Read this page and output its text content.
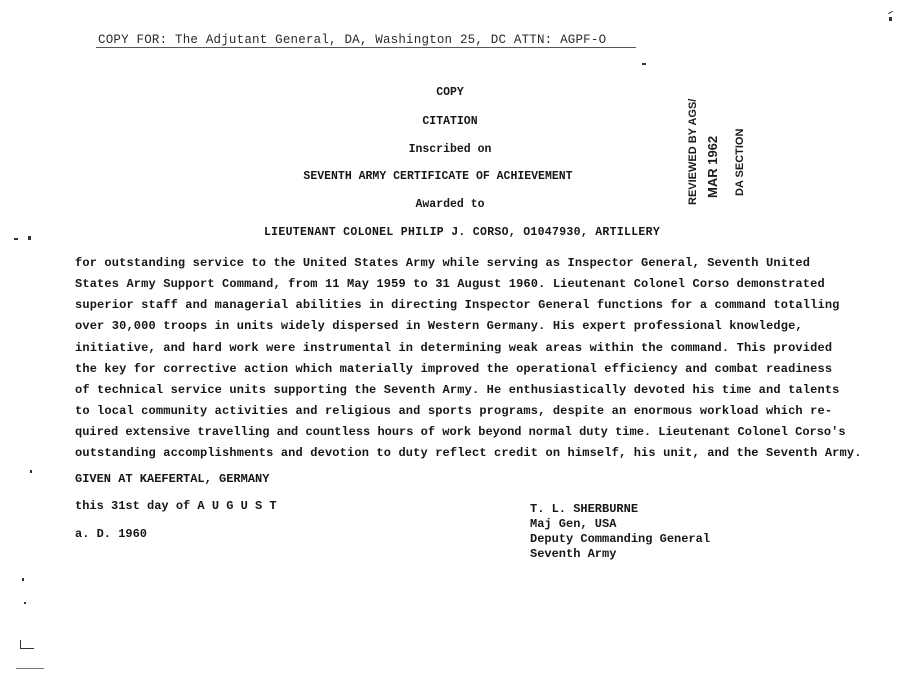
COPY FOR: The Adjutant General, DA, Washington 25, DC ATTN: AGPF-O
COPY
CITATION
Inscribed on
SEVENTH ARMY CERTIFICATE OF ACHIEVEMENT
Awarded to
LIEUTENANT COLONEL PHILIP J. CORSO, O1047930, ARTILLERY
REVIEWED BY AGS/ MAR 1962 DA SECTION
for outstanding service to the United States Army while serving as Inspector General, Seventh United
States Army Support Command, from 11 May 1959 to 31 August 1960. Lieutenant Colonel Corso demonstrated
superior staff and managerial abilities in directing Inspector General functions for a command totalling
over 30,000 troops in units widely dispersed in Western Germany. His expert professional knowledge,
initiative, and hard work were instrumental in determining weak areas within the command. This provided
the key for corrective action which materially improved the operational efficiency and combat readiness
of technical service units supporting the Seventh Army. He enthusiastically devoted his time and talents
to local community activities and religious and sports programs, despite an enormous workload which re-
quired extensive travelling and countless hours of work beyond normal duty time. Lieutenant Colonel Corso's
outstanding accomplishments and devotion to duty reflect credit on himself, his unit, and the Seventh Army.
GIVEN AT KAEFERTAL, GERMANY
this 31st day of A U G U S T
a. D. 1960
T. L. SHERBURNE
Maj Gen, USA
Deputy Commanding General
Seventh Army
